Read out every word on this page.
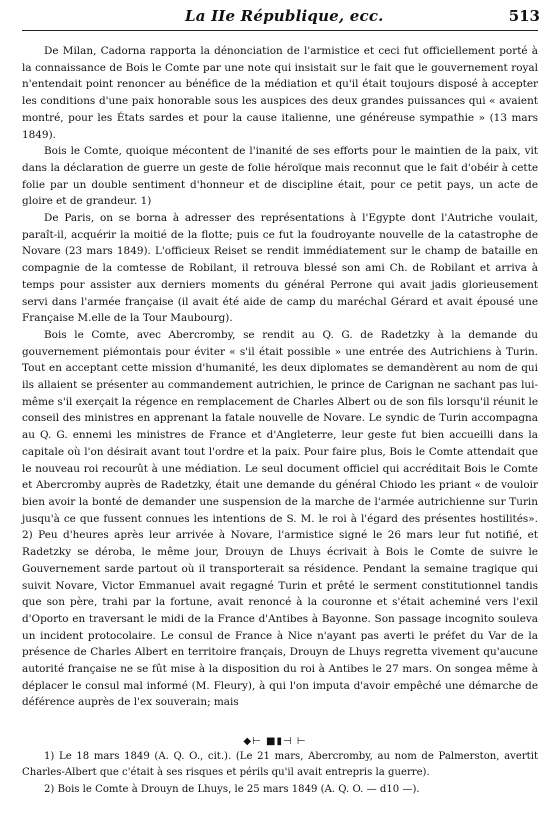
La IIe République, ecc.	513

De Milan, Cadorna rapporta la dénonciation de l'armistice et ceci fut officiellement porté à la connaissance de Bois le Comte par une note qui insistait sur le fait que le gouvernement royal n'entendait point renoncer au bénéfice de la médiation et qu'il était toujours disposé à accepter les conditions d'une paix honorable sous les auspices des deux grandes puissances qui « avaient montré, pour les États sardes et pour la cause italienne, une généreuse sympathie » (13 mars 1849).

Bois le Comte, quoique mécontent de l'inanité de ses efforts pour le maintien de la paix, vit dans la déclaration de guerre un geste de folie héroïque mais reconnut que le fait d'obéir à cette folie par un double sentiment d'honneur et de discipline était, pour ce petit pays, un acte de gloire et de grandeur. 1)

De Paris, on se borna à adresser des représentations à l'Egypte dont l'Autriche voulait, paraît-il, acquérir la moitié de la flotte; puis ce fut la foudroyante nouvelle de la catastrophe de Novare (23 mars 1849). L'officieux Reiset se rendit immédiatement sur le champ de bataille en compagnie de la comtesse de Robilant, il retrouva blessé son ami Ch. de Robilant et arriva à temps pour assister aux derniers moments du général Perrone qui avait jadis glorieusement servi dans l'armée française (il avait été aide de camp du maréchal Gérard et avait épousé une Française M.elle de la Tour Maubourg).

Bois le Comte, avec Abercromby, se rendit au Q. G. de Radetzky à la demande du gouvernement piémontais pour éviter « s'il était possible » une entrée des Autrichiens à Turin. Tout en acceptant cette mission d'humanité, les deux diplomates se demandèrent au nom de qui ils allaient se présenter au commandement autrichien, le prince de Carignan ne sachant pas lui-même s'il exerçait la régence en remplacement de Charles Albert ou de son fils lorsqu'il réunit le conseil des ministres en apprenant la fatale nouvelle de Novare. Le syndic de Turin accompagna au Q. G. ennemi les ministres de France et d'Angleterre, leur geste fut bien accueilli dans la capitale où l'on désirait avant tout l'ordre et la paix. Pour faire plus, Bois le Comte attendait que le nouveau roi recourût à une médiation. Le seul document officiel qui accréditait Bois le Comte et Abercromby auprès de Radetzky, était une demande du général Chiodo les priant « de vouloir bien avoir la bonté de demander une suspension de la marche de l'armée autrichienne sur Turin jusqu'à ce que fussent connues les intentions de S. M. le roi à l'égard des présentes hostilités». 2) Peu d'heures après leur arrivée à Novare, l'armistice signé le 26 mars leur fut notifié, et Radetzky se déroba, le même jour, Drouyn de Lhuys écrivait à Bois le Comte de suivre le Gouvernement sarde partout où il transporterait sa résidence. Pendant la semaine tragique qui suivit Novare, Victor Emmanuel avait regagné Turin et prêté le serment constitutionnel tandis que son père, trahi par la fortune, avait renoncé à la couronne et s'était acheminé vers l'exil d'Oporto en traversant le midi de la France d'Antibes à Bayonne. Son passage incognito souleva un incident protocolaire. Le consul de France à Nice n'ayant pas averti le préfet du Var de la présence de Charles Albert en territoire français, Drouyn de Lhuys regretta vivement qu'aucune autorité française ne se fût mise à la disposition du roi à Antibes le 27 mars. On songea même à déplacer le consul mal informé (M. Fleury), à qui l'on imputa d'avoir empêché une démarche de déférence auprès de l'ex souverain; mais

◆⊢ ■▮⊣ ⊢

1) Le 18 mars 1849 (A. Q. O., cit.). (Le 21 mars, Abercromby, au nom de Palmerston, avertit Charles-Albert que c'était à ses risques et périls qu'il avait entrepris la guerre).

2) Bois le Comte à Drouyn de Lhuys, le 25 mars 1849 (A. Q. O. — d10 —).
